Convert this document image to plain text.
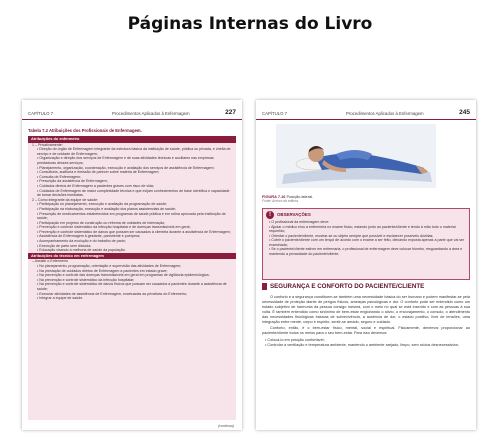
Páginas Internas do Livro
CAPÍTULO 7	Procedimentos Aplicados à Enfermagem	227
Tabela 7.2 Atribuições dos Profissionais de Enfermagem.
Atribuições do enfermeiro
1 – Privativamente:
• Direção do órgão de Enfermagem integrante da estrutura básica da instituição de saúde, pública ou privada, e chefia de serviço e de unidade de Enfermagem;
• Organização e direção dos serviços de Enfermagem e de suas atividades técnicas e auxiliares nas empresas prestadoras desses serviços;
• Planejamento, organização, coordenação, execução e avaliação dos serviços de assistência de Enfermagem;
• Consultoria, auditoria e emissão de parecer sobre matéria de Enfermagem;
• Consulta de Enfermagem;
• Prescrição da assistência de Enfermagem;
• Cuidados diretos de Enfermagem a pacientes graves com risco de vida;
• Cuidados de Enfermagem de maior complexidade técnica e que exijam conhecimentos de base científica e capacidade de tomar decisões imediatas.
2 – Como integrante da equipe de saúde:
• Participação no planejamento, execução e avaliação da programação de saúde;
• Participação na elaboração, execução e avaliação dos planos assistenciais de saúde;
• Prescrição de medicamentos estabelecidos em programas de saúde pública e em rotina aprovada pela instituição de saúde;
• Participação em projetos de construção ou reforma de unidades de internação;
• Prevenção e controle sistemático da infecção hospitalar e de doenças transmissíveis em geral;
• Prevenção e controle sistemático de danos que possam ser causados à clientela durante a assistência de Enfermagem;
• Assistência de Enfermagem à gestante, parturiente e puérpera;
• Acompanhamento da evolução e do trabalho de parto;
• Execução de parto sem distocia;
• Educação visando à melhoria de saúde da população.
Atribuições do técnico em enfermagem
– Assistir o Enfermeiro
• No planejamento, programação, orientação e supervisão das atividades de Enfermagem;
• Na prestação de cuidados diretos de Enfermagem a pacientes em estado grave;
• Na prevenção e controle das doenças transmissíveis em geral em programas de vigilância epidemiológica;
• Na prevenção e controle sistemático da infecção hospitalar;
• Na prevenção e controle sistemático de danos físicos que possam ser causados a pacientes durante a assistência de saúde;
• Executar atividades de assistência de Enfermagem, excetuadas as privativas do Enfermeiro;
• Integrar a equipe de saúde.
(continua)
CAPÍTULO 7	Procedimentos Aplicados à Enfermagem	245
FIGURA 7.16 Posição lateral.
Fonte: Acervo da editora.
!	OBSERVAÇÕES
• O profissional da enfermagem deve:
• Ajudar o médico e/ou a enfermeira no exame físico, estando junto ao paciente/cliente e tendo à mão todo o material requerido;
• Orientar o paciente/cliente, mostrar-se ou objeto sempre que possível e esclarecer possíveis dúvidas;
• Cobrir o paciente/cliente com um lençol de acordo com o exame a ser feito, deixando exposta apenas a parte que vai ser examinada;
• Se o paciente/cliente estiver em enfermaria, o profissional de enfermagem deve colocar biombo, resguardando a área e mantendo a privacidade do paciente/cliente.
SEGURANÇA E CONFORTO DO PACIENTE/CLIENTE

O conforto e a segurança constituem-se também uma necessidade básica do ser humano e podem manifestar-se pela necessidade de proteção diante de perigos físicos, ameaças psicológicas e dor. O conforto pode ser entendido como um estado subjetivo de harmonia da pessoa consigo mesma, com o meio no qual se está inserido e com as pessoas à sua volta. É também entendido como sinônimo de bem-estar englobando o alívio, o encorajamento, o consolo, o atendimento das necessidades fisiológicas básicas de sobrevivência, a ausência de dor, o estado positivo, livre de tensões, uma integração entre mente, corpo e espírito, sentir-se amado, seguro e cuidado.

Conforto, então, é o bem-estar físico, mental, social e espiritual. Fisicamente, devemos proporcionar ao paciente/cliente todos os meios para o seu bem-estar. Para isso devemos:

• Colocá-lo em posição confortável;
• Controlar a ventilação e temperatura ambiente, mantendo o ambiente arejado, limpo, sem ruídos desnecessários;
